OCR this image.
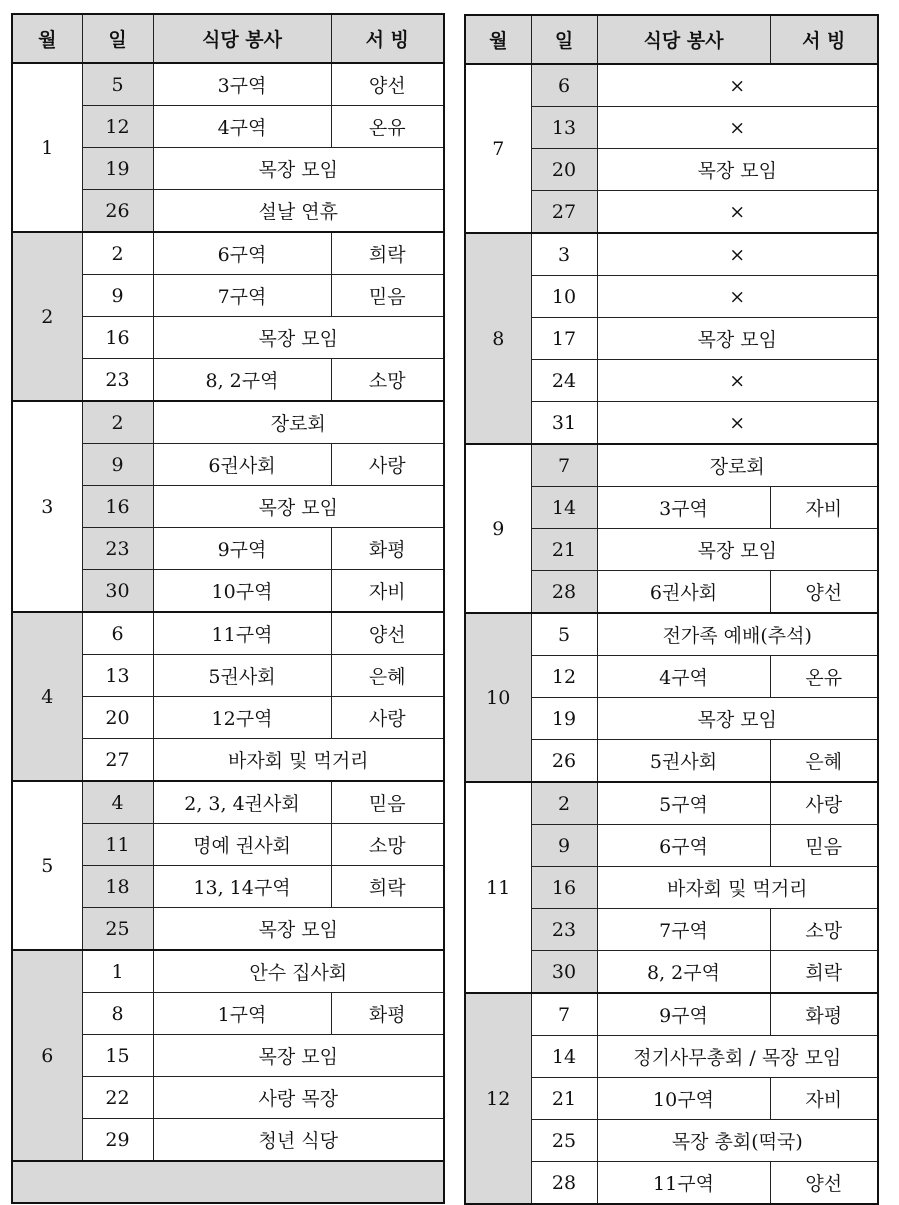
월	일	식당 봉사	서 빙
1	5	3구역	양선
	12	4구역	온유
	19	목장 모임	
	26	설날 연휴	
2	2	6구역	희락
	9	7구역	믿음
	16	목장 모임	
	23	8, 2구역	소망
3	2	장로회	
	9	6권사회	사랑
	16	목장 모임	
	23	9구역	화평
	30	10구역	자비
4	6	11구역	양선
	13	5권사회	은혜
	20	12구역	사랑
	27	바자회 및 먹거리	
5	4	2, 3, 4권사회	믿음
	11	명예 권사회	소망
	18	13, 14구역	희락
	25	목장 모임	
6	1	안수 집사회	
	8	1구역	화평
	15	목장 모임	
	22	사랑 목장	
	29	청년 식당	

월	일	식당 봉사	서 빙
7	6	×	
	13	×	
	20	목장 모임	
	27	×	
8	3	×	
	10	×	
	17	목장 모임	
	24	×	
	31	×	
9	7	장로회	
	14	3구역	자비
	21	목장 모임	
	28	6권사회	양선
10	5	전가족 예배(추석)	
	12	4구역	온유
	19	목장 모임	
	26	5권사회	은혜
11	2	5구역	사랑
	9	6구역	믿음
	16	바자회 및 먹거리	
	23	7구역	소망
	30	8, 2구역	희락
12	7	9구역	화평
	14	정기사무총회 / 목장 모임	
	21	10구역	자비
	25	목장 총회(떡국)	
	28	11구역	양선
